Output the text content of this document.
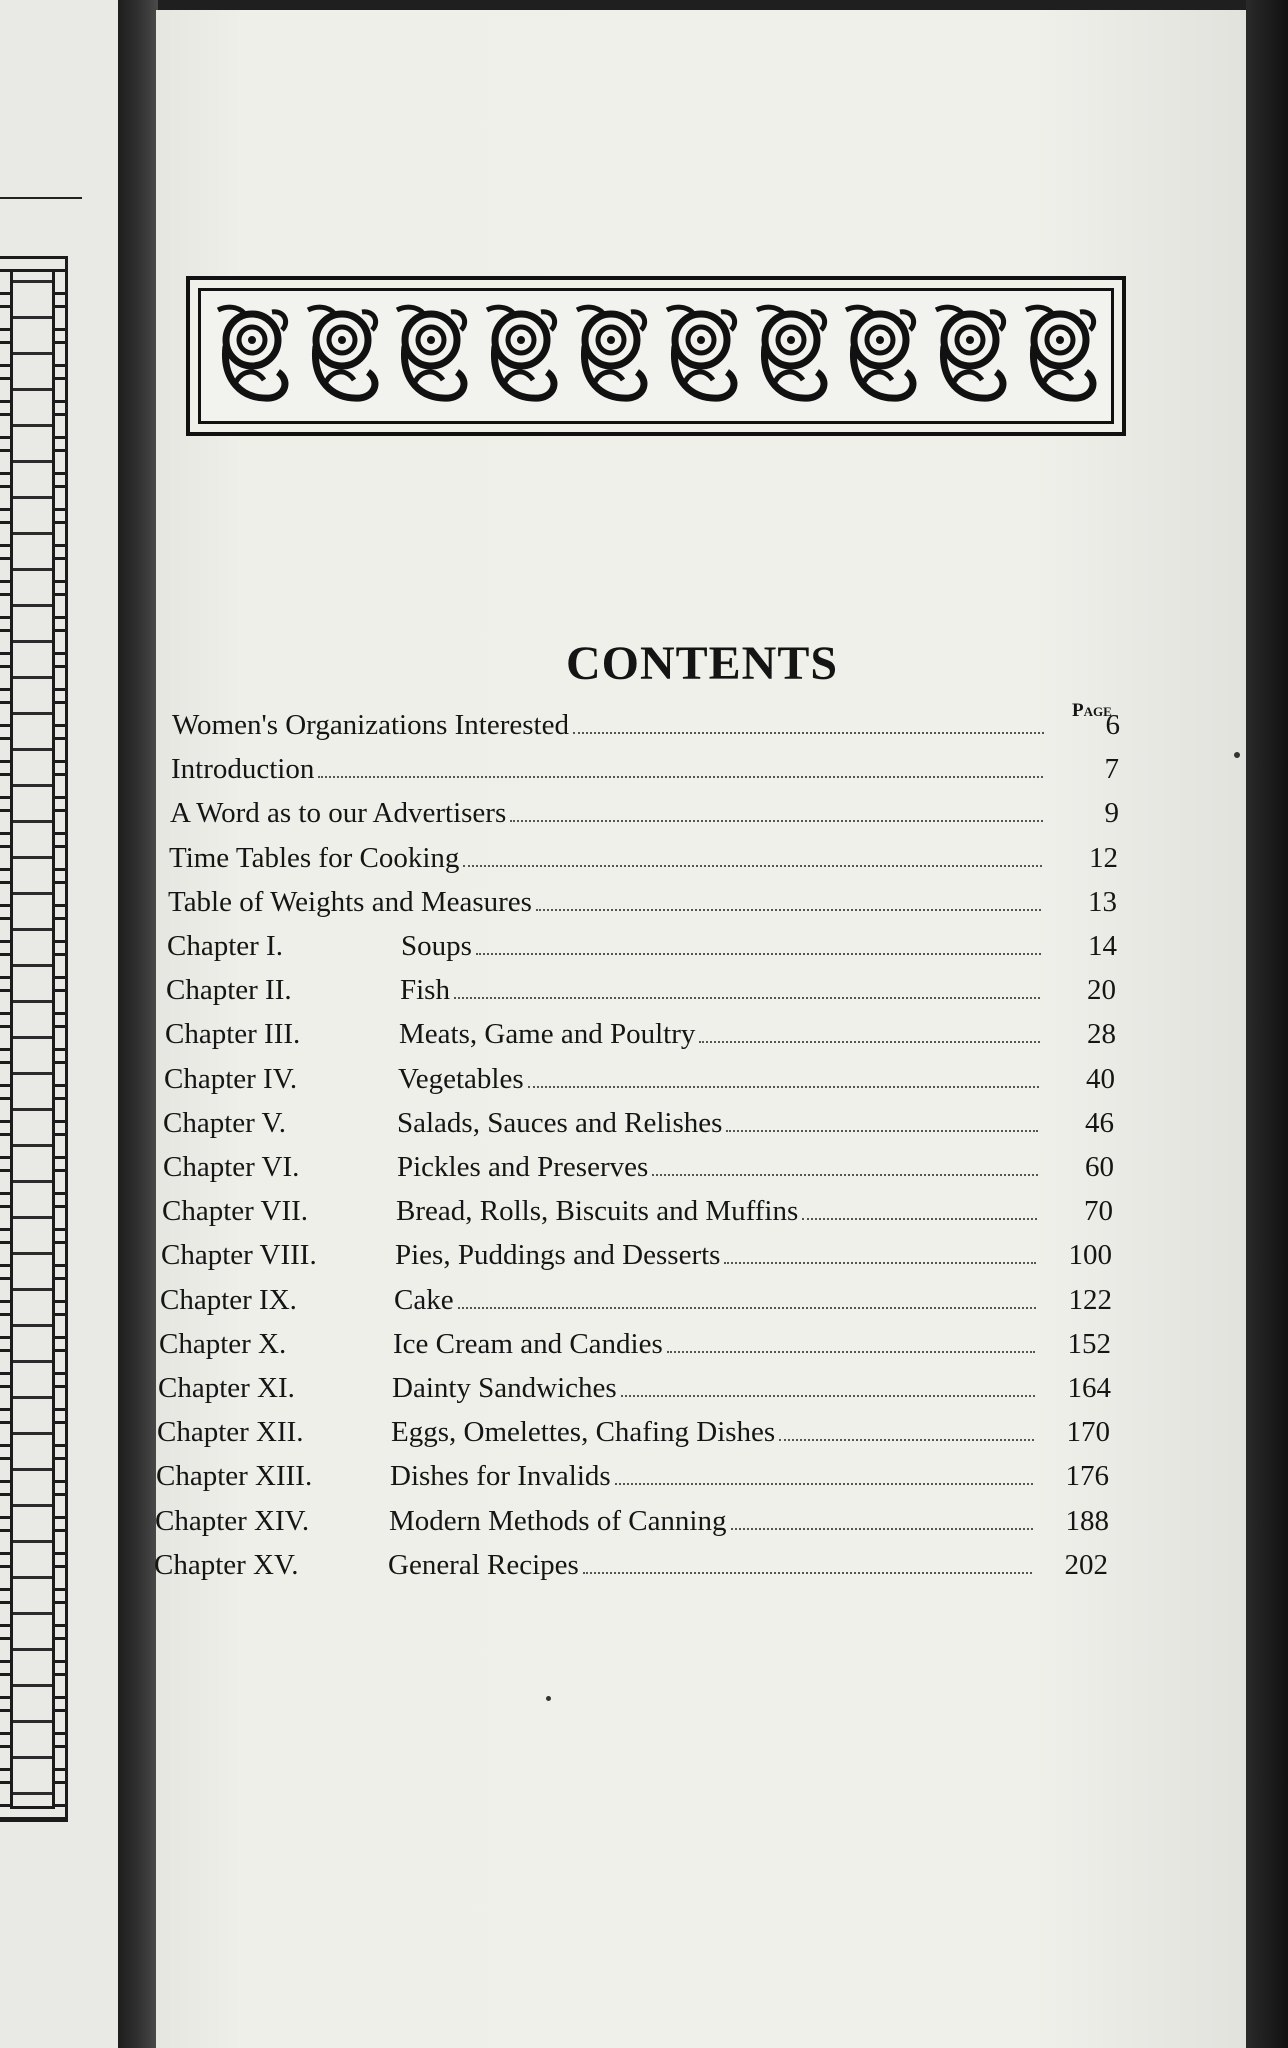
CONTENTS
Page
Women's Organizations Interested	6
Introduction	7
A Word as to our Advertisers	9
Time Tables for Cooking	12
Table of Weights and Measures	13
Chapter I.	Soups	14
Chapter II.	Fish	20
Chapter III.	Meats, Game and Poultry	28
Chapter IV.	Vegetables	40
Chapter V.	Salads, Sauces and Relishes	46
Chapter VI.	Pickles and Preserves	60
Chapter VII.	Bread, Rolls, Biscuits and Muffins	70
Chapter VIII.	Pies, Puddings and Desserts	100
Chapter IX.	Cake	122
Chapter X.	Ice Cream and Candies	152
Chapter XI.	Dainty Sandwiches	164
Chapter XII.	Eggs, Omelettes, Chafing Dishes	170
Chapter XIII.	Dishes for Invalids	176
Chapter XIV.	Modern Methods of Canning	188
Chapter XV.	General Recipes	202
